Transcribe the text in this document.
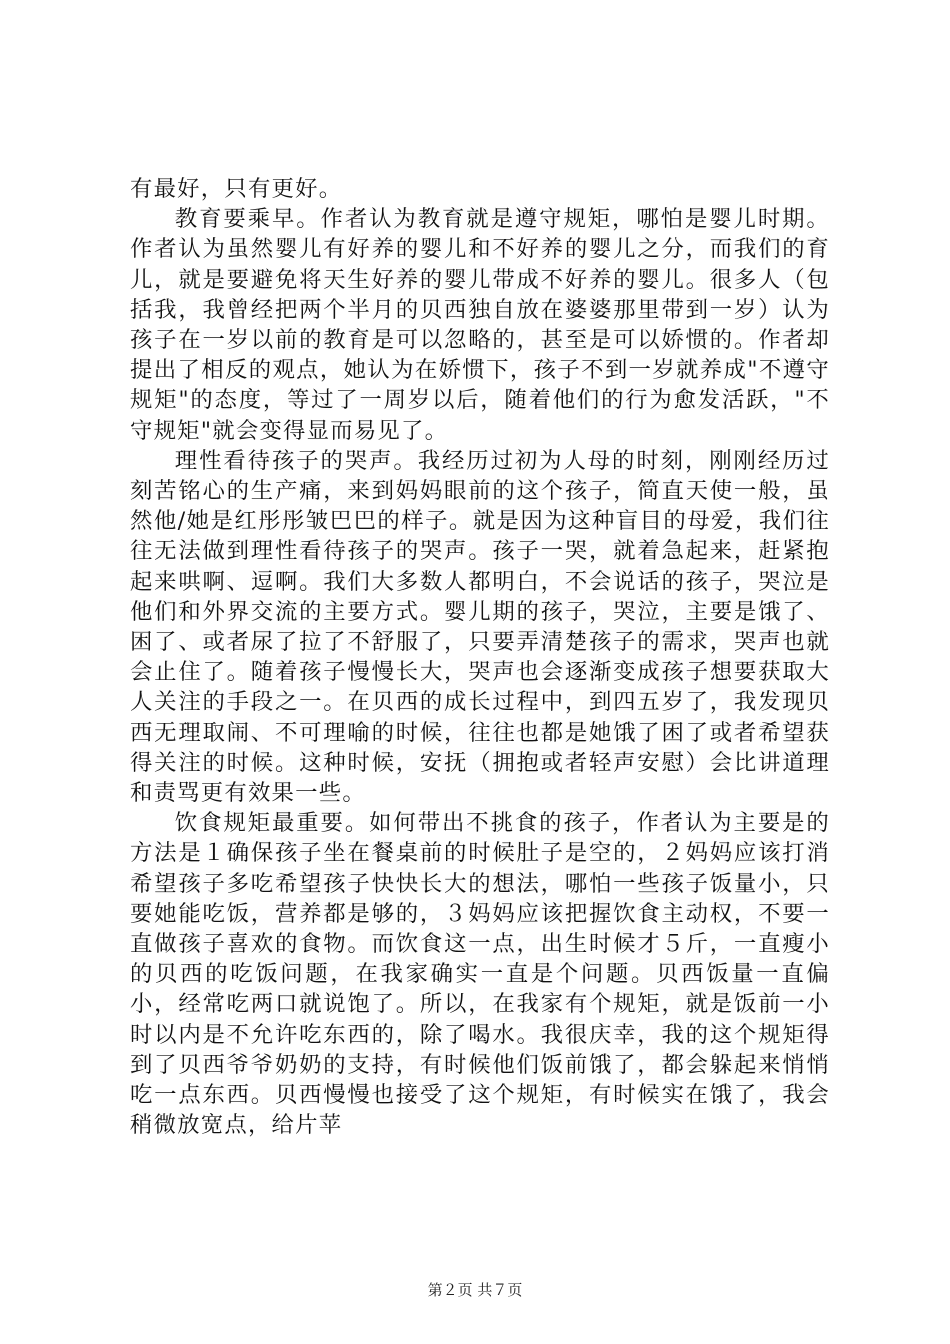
有最好，只有更好。

教育要乘早。作者认为教育就是遵守规矩，哪怕是婴儿时期。作者认为虽然婴儿有好养的婴儿和不好养的婴儿之分，而我们的育儿，就是要避免将天生好养的婴儿带成不好养的婴儿。很多人（包括我，我曾经把两个半月的贝西独自放在婆婆那里带到一岁）认为孩子在一岁以前的教育是可以忽略的，甚至是可以娇惯的。作者却提出了相反的观点，她认为在娇惯下，孩子不到一岁就养成"不遵守规矩"的态度，等过了一周岁以后，随着他们的行为愈发活跃，"不守规矩"就会变得显而易见了。

理性看待孩子的哭声。我经历过初为人母的时刻，刚刚经历过刻苦铭心的生产痛，来到妈妈眼前的这个孩子，简直天使一般，虽然他/她是红彤彤皱巴巴的样子。就是因为这种盲目的母爱，我们往往无法做到理性看待孩子的哭声。孩子一哭，就着急起来，赶紧抱起来哄啊、逗啊。我们大多数人都明白，不会说话的孩子，哭泣是他们和外界交流的主要方式。婴儿期的孩子，哭泣，主要是饿了、困了、或者尿了拉了不舒服了，只要弄清楚孩子的需求，哭声也就会止住了。随着孩子慢慢长大，哭声也会逐渐变成孩子想要获取大人关注的手段之一。在贝西的成长过程中，到四五岁了，我发现贝西无理取闹、不可理喻的时候，往往也都是她饿了困了或者希望获得关注的时候。这种时候，安抚（拥抱或者轻声安慰）会比讲道理和责骂更有效果一些。

饮食规矩最重要。如何带出不挑食的孩子，作者认为主要是的方法是１确保孩子坐在餐桌前的时候肚子是空的，２妈妈应该打消希望孩子多吃希望孩子快快长大的想法，哪怕一些孩子饭量小，只要她能吃饭，营养都是够的，３妈妈应该把握饮食主动权，不要一直做孩子喜欢的食物。而饮食这一点，出生时候才５斤，一直瘦小的贝西的吃饭问题，在我家确实一直是个问题。贝西饭量一直偏小，经常吃两口就说饱了。所以，在我家有个规矩，就是饭前一小时以内是不允许吃东西的，除了喝水。我很庆幸，我的这个规矩得到了贝西爷爷奶奶的支持，有时候他们饭前饿了，都会躲起来悄悄吃一点东西。贝西慢慢也接受了这个规矩，有时候实在饿了，我会稍微放宽点，给片苹

第２页 共７页
